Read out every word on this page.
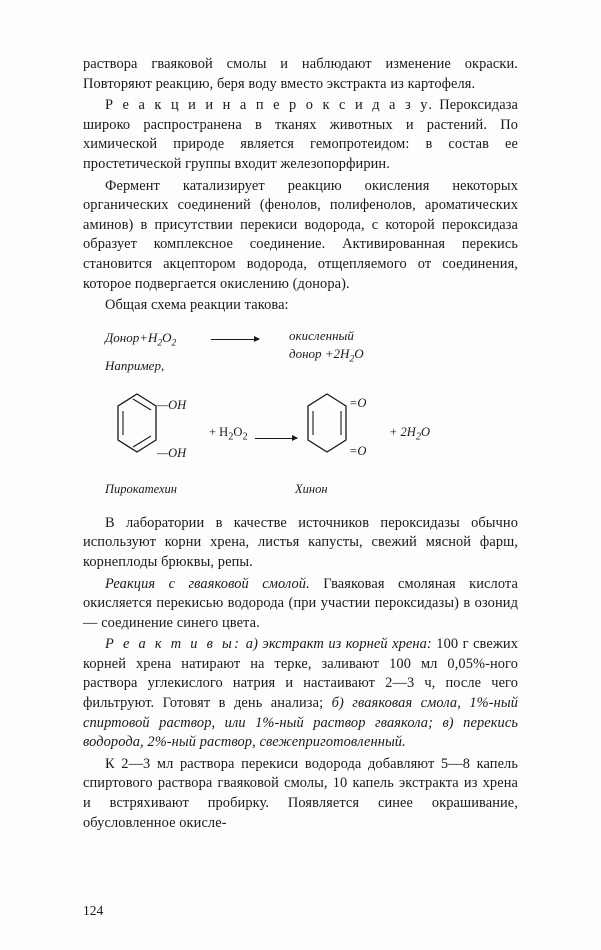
раствора гваяковой смолы и наблюдают изменение окраски. Повторяют реакцию, беря воду вместо экстракта из картофеля.

Р е а к ц и и н а п е р о к с и д а з у. Пероксидаза широко распространена в тканях животных и растений. По химической природе является гемопротеидом: в состав ее простетической группы входит железопорфирин.

Фермент катализирует реакцию окисления некоторых органических соединений (фенолов, полифенолов, ароматических аминов) в присутствии перекиси водорода, с которой пероксидаза образует комплексное соединение. Активированная перекись становится акцептором водорода, отщепляемого от соединения, которое подвергается окислению (донора).

Общая схема реакции такова:

$Донор+H_2O_2$
окисленный
донор $+2H_2O$
Например,
—OH
—OH
+ $H_2O_2$
=O
=O
+ $2H_2O$
Пирокатехин	Хинон

В лаборатории в качестве источников пероксидазы обычно используют корни хрена, листья капусты, свежий мясной фарш, корнеплоды брюквы, репы.

Реакция с гваяковой смолой. Гваяковая смоляная кислота окисляется перекисью водорода (при участии пероксидазы) в озонид — соединение синего цвета.

Р е а к т и в ы: а) экстракт из корней хрена: 100 г свежих корней хрена натирают на терке, заливают 100 мл 0,05%-ного раствора углекислого натрия и настаивают 2—3 ч, после чего фильтруют. Готовят в день анализа; б) гваяковая смола, 1%-ный спиртовой раствор, или 1%-ный раствор гваякола; в) перекись водорода, 2%-ный раствор, свежеприготовленный.

К 2—3 мл раствора перекиси водорода добавляют 5—8 капель спиртового раствора гваяковой смолы, 10 капель экстракта из хрена и встряхивают пробирку. Появляется синее окрашивание, обусловленное окисле-

124
